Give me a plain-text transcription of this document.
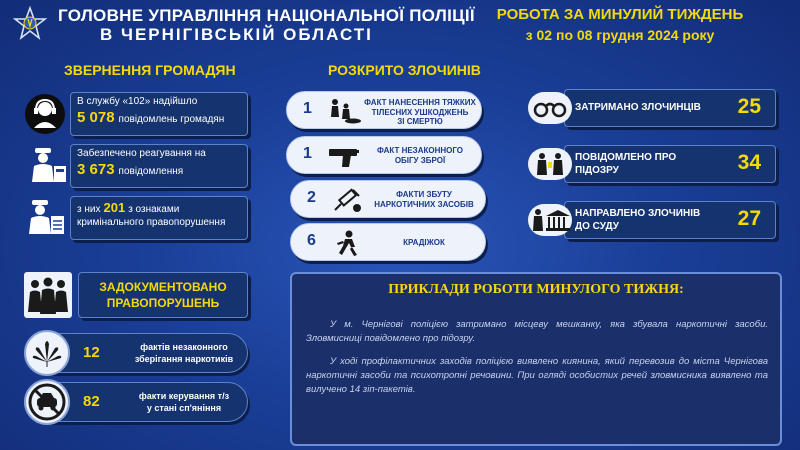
ГОЛОВНЕ УПРАВЛІННЯ НАЦІОНАЛЬНОЇ ПОЛІЦІЇ
В ЧЕРНІГІВСЬКІЙ ОБЛАСТІ
РОБОТА ЗА МИНУЛИЙ ТИЖДЕНЬ
з 02 по 08 грудня 2024 року
ЗВЕРНЕННЯ ГРОМАДЯН
В службу «102» надійшло
5 078 повідомлень громадян
Забезпечено реагування на
3 673 повідомлення
з них 201 з ознаками
кримінального правопорушення
ЗАДОКУМЕНТОВАНО
ПРАВОПОРУШЕНЬ
12	фактів незаконного
зберігання наркотиків
82	факти керування т/з
у стані сп'яніння
РОЗКРИТО ЗЛОЧИНІВ
1	ФАКТ НАНЕСЕННЯ ТЯЖКИХ
ТІЛЕСНИХ УШКОДЖЕНЬ
ЗІ СМЕРТЮ
1	ФАКТ НЕЗАКОННОГО
ОБІГУ ЗБРОЇ
2	ФАКТИ ЗБУТУ
НАРКОТИЧНИХ ЗАСОБІВ
6	КРАДІЖОК
ЗАТРИМАНО ЗЛОЧИНЦІВ 25
ПОВІДОМЛЕНО ПРО
ПІДОЗРУ	34
НАПРАВЛЕНО ЗЛОЧИНІВ
ДО СУДУ	27
ПРИКЛАДИ РОБОТИ МИНУЛОГО ТИЖНЯ:

У м. Чернігові поліцією затримано місцеву мешканку, яка збувала наркотичні засоби. Зловмисниці повідомлено про підозру.

У ході профілактичних заходів поліцією виявлено киянина, який перевозив до міста Чернігова наркотичні засоби та психотропні речовини. При огляді особистих речей зловмисника виявлено та вилучено 14 зіп-пакетів.
